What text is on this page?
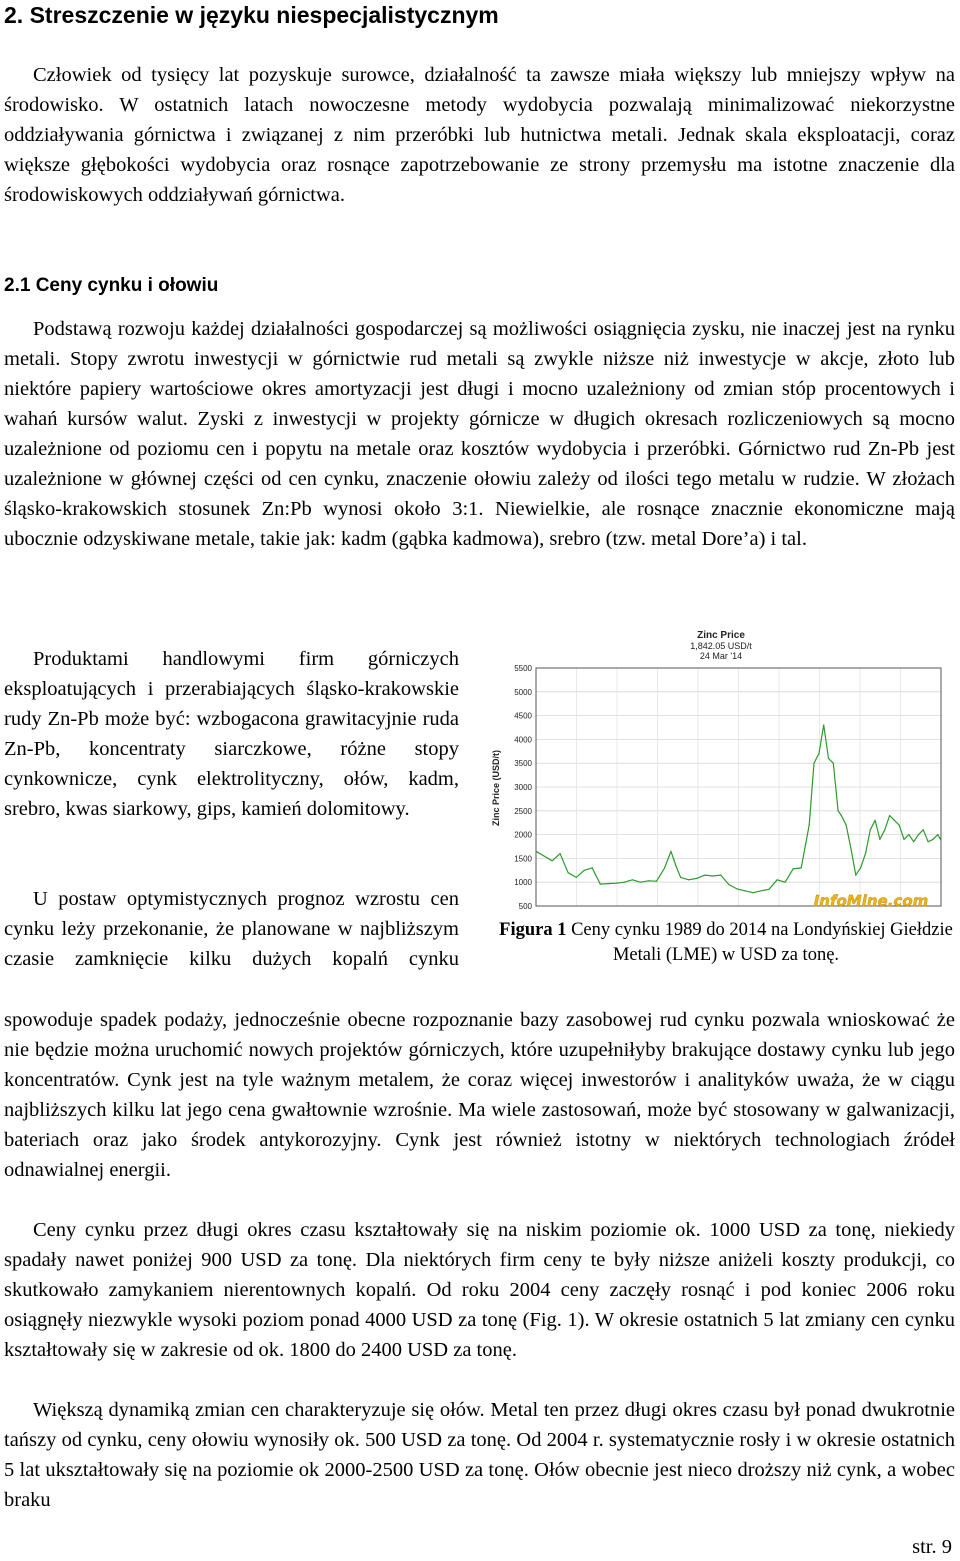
2. Streszczenie w języku niespecjalistycznym

Człowiek od tysięcy lat pozyskuje surowce, działalność ta zawsze miała większy lub mniejszy wpływ na środowisko. W ostatnich latach nowoczesne metody wydobycia pozwalają minimalizować niekorzystne oddziaływania górnictwa i związanej z nim przeróbki lub hutnictwa metali. Jednak skala eksploatacji, coraz większe głębokości wydobycia oraz rosnące zapotrzebowanie ze strony przemysłu ma istotne znaczenie dla środowiskowych oddziaływań górnictwa.

2.1 Ceny cynku i ołowiu

Podstawą rozwoju każdej działalności gospodarczej są możliwości osiągnięcia zysku, nie inaczej jest na rynku metali. Stopy zwrotu inwestycji w górnictwie rud metali są zwykle niższe niż inwestycje w akcje, złoto lub niektóre papiery wartościowe okres amortyzacji jest długi i mocno uzależniony od zmian stóp procentowych i wahań kursów walut. Zyski z inwestycji w projekty górnicze w długich okresach rozliczeniowych są mocno uzależnione od poziomu cen i popytu na metale oraz kosztów wydobycia i przeróbki. Górnictwo rud Zn-Pb jest uzależnione w głównej części od cen cynku, znaczenie ołowiu zależy od ilości tego metalu w rudzie. W złożach śląsko-krakowskich stosunek Zn:Pb wynosi około 3:1. Niewielkie, ale rosnące znacznie ekonomiczne mają ubocznie odzyskiwane metale, takie jak: kadm (gąbka kadmowa), srebro (tzw. metal Dore’a) i tal.

Produktami handlowymi firm górniczych eksploatujących i przerabiających śląsko-krakowskie rudy Zn-Pb może być: wzbogacona grawitacyjnie ruda Zn-Pb, koncentraty siarczkowe, różne stopy cynkownicze, cynk elektrolityczny, ołów, kadm, srebro, kwas siarkowy, gips, kamień dolomitowy.

U postaw optymistycznych prognoz wzrostu cen cynku leży przekonanie, że planowane w najbliższym czasie zamknięcie kilku dużych kopalń cynku

Zinc Price
1,842.05 USD/t
24 Mar '14
Zinc Price (USD/t)
500
1000
1500
2000
2500
3000
3500
4000
4500
5000
5500
InfoMine.com
Figura 1 Ceny cynku 1989 do 2014 na Londyńskiej Giełdzie Metali (LME) w USD za tonę.

spowoduje spadek podaży, jednocześnie obecne rozpoznanie bazy zasobowej rud cynku pozwala wnioskować że nie będzie można uruchomić nowych projektów górniczych, które uzupełniłyby brakujące dostawy cynku lub jego koncentratów. Cynk jest na tyle ważnym metalem, że coraz więcej inwestorów i analityków uważa, że w ciągu najbliższych kilku lat jego cena gwałtownie wzrośnie. Ma wiele zastosowań, może być stosowany w galwanizacji, bateriach oraz jako środek antykorozyjny. Cynk jest również istotny w niektórych technologiach źródeł odnawialnej energii.

Ceny cynku przez długi okres czasu kształtowały się na niskim poziomie ok. 1000 USD za tonę, niekiedy spadały nawet poniżej 900 USD za tonę. Dla niektórych firm ceny te były niższe aniżeli koszty produkcji, co skutkowało zamykaniem nierentownych kopalń. Od roku 2004 ceny zaczęły rosnąć i pod koniec 2006 roku osiągnęły niezwykle wysoki poziom ponad 4000 USD za tonę (Fig. 1). W okresie ostatnich 5 lat zmiany cen cynku kształtowały się w zakresie od ok. 1800 do 2400 USD za tonę.

Większą dynamiką zmian cen charakteryzuje się ołów. Metal ten przez długi okres czasu był ponad dwukrotnie tańszy od cynku, ceny ołowiu wynosiły ok. 500 USD za tonę. Od 2004 r. systematycznie rosły i w okresie ostatnich 5 lat ukształtowały się na poziomie ok 2000-2500 USD za tonę. Ołów obecnie jest nieco droższy niż cynk, a wobec braku

str. 9
